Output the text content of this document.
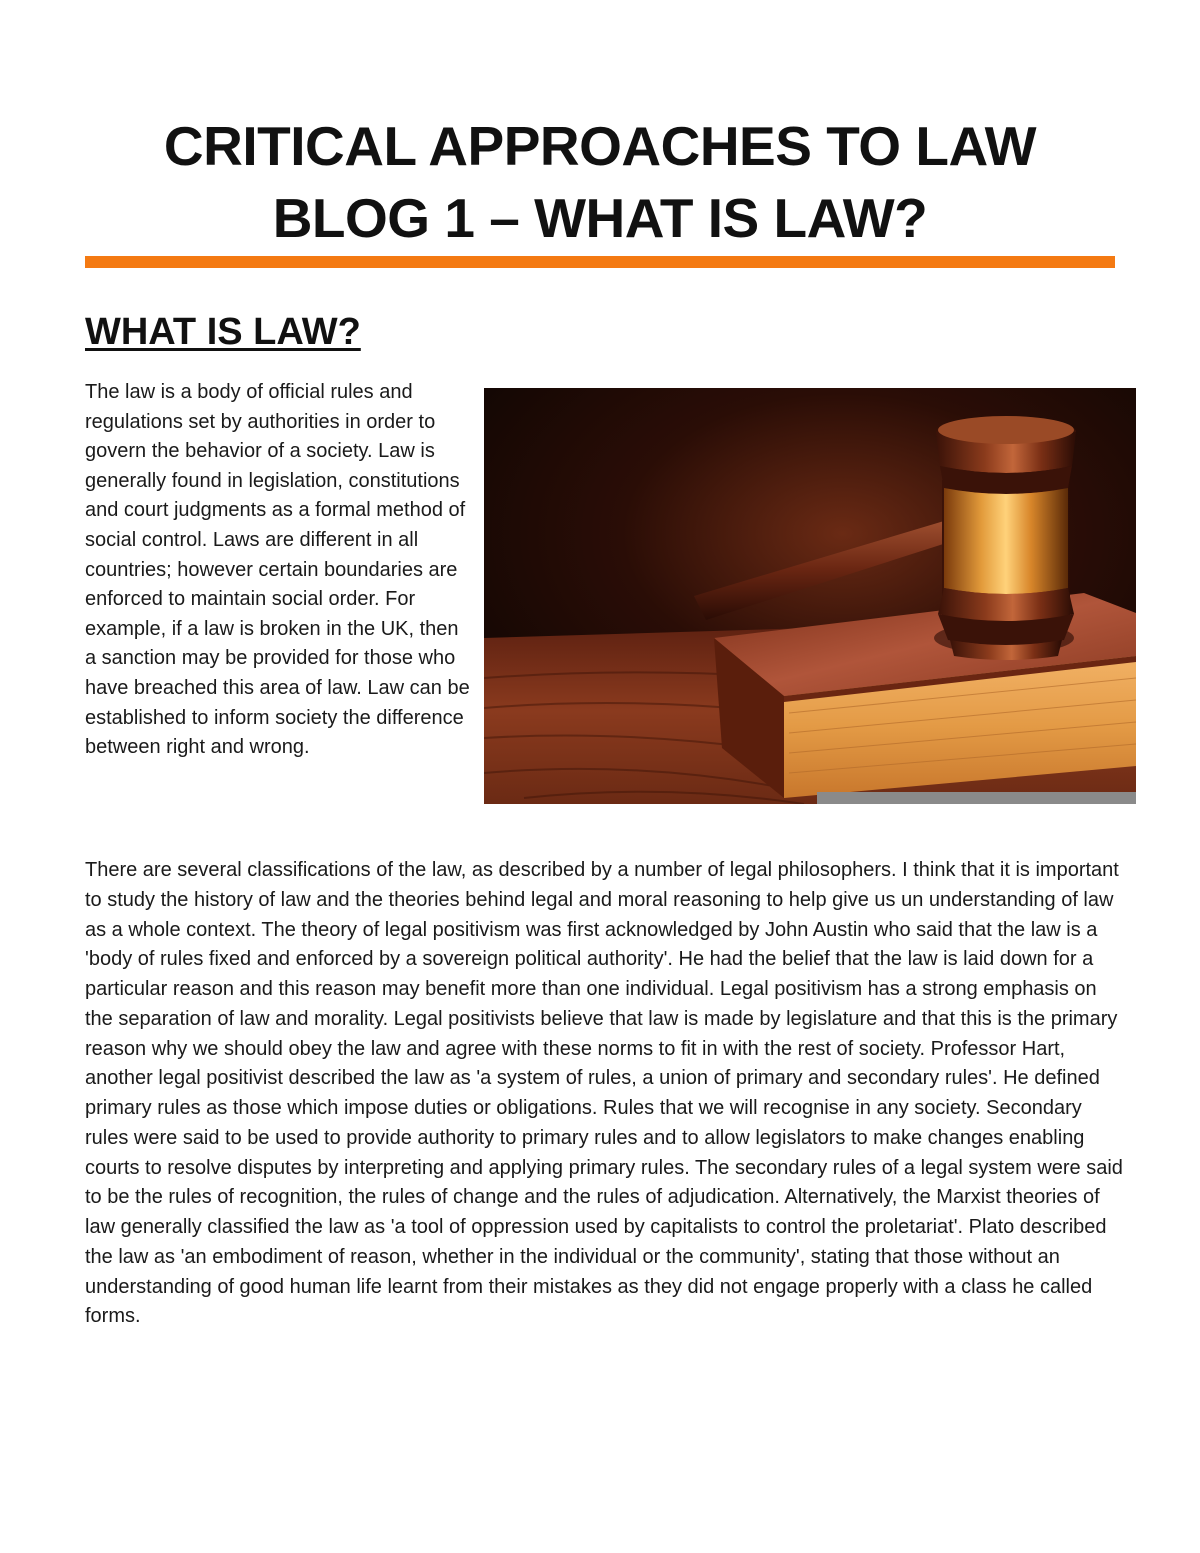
CRITICAL APPROACHES TO LAW
BLOG 1 – WHAT IS LAW?
WHAT IS LAW?
The law is a body of official rules and regulations set by authorities in order to govern the behavior of a society. Law is generally found in legislation, constitutions and court judgments as a formal method of social control. Laws are different in all countries; however certain boundaries are enforced to maintain social order. For example, if a law is broken in the UK, then a sanction may be provided for those who have breached this area of law. Law can be established to inform society the difference between right and wrong.
There are several classifications of the law, as described by a number of legal philosophers. I think that it is important to study the history of law and the theories behind legal and moral reasoning to help give us un understanding of law as a whole context. The theory of legal positivism was first acknowledged by John Austin who said that the law is a 'body of rules fixed and enforced by a sovereign political authority'. He had the belief that the law is laid down for a particular reason and this reason may benefit more than one individual. Legal positivism has a strong emphasis on the separation of law and morality. Legal positivists believe that law is made by legislature and that this is the primary reason why we should obey the law and agree with these norms to fit in with the rest of society. Professor Hart, another legal positivist described the law as 'a system of rules, a union of primary and secondary rules'. He defined primary rules as those which impose duties or obligations. Rules that we will recognise in any society. Secondary rules were said to be used to provide authority to primary rules and to allow legislators to make changes enabling courts to resolve disputes by interpreting and applying primary rules. The secondary rules of a legal system were said to be the rules of recognition, the rules of change and the rules of adjudication. Alternatively, the Marxist theories of law generally classified the law as 'a tool of oppression used by capitalists to control the proletariat'. Plato described the law as 'an embodiment of reason, whether in the individual or the community', stating that those without an understanding of good human life learnt from their mistakes as they did not engage properly with a class he called forms.
